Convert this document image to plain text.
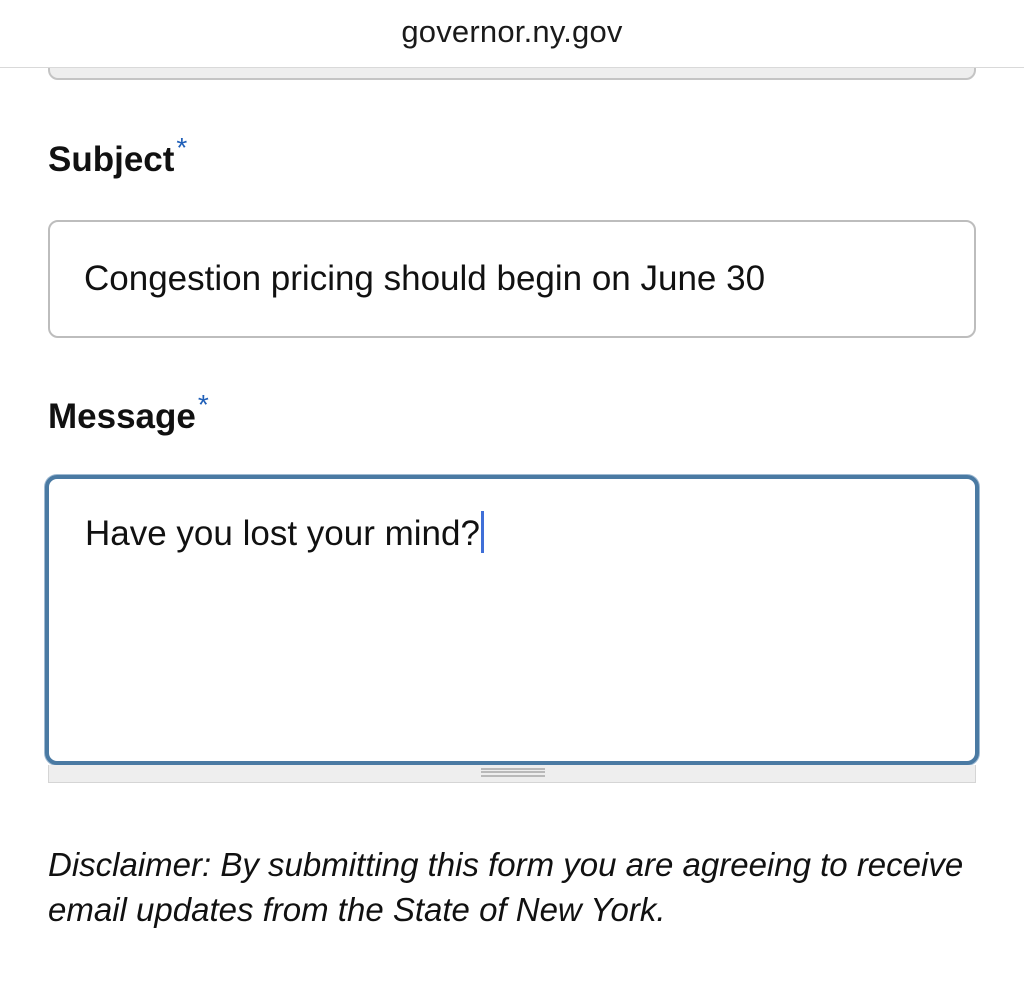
governor.ny.gov
Subject*
Congestion pricing should begin on June 30
Message*
Have you lost your mind?
Disclaimer: By submitting this form you are agreeing to receive email updates from the State of New York.
